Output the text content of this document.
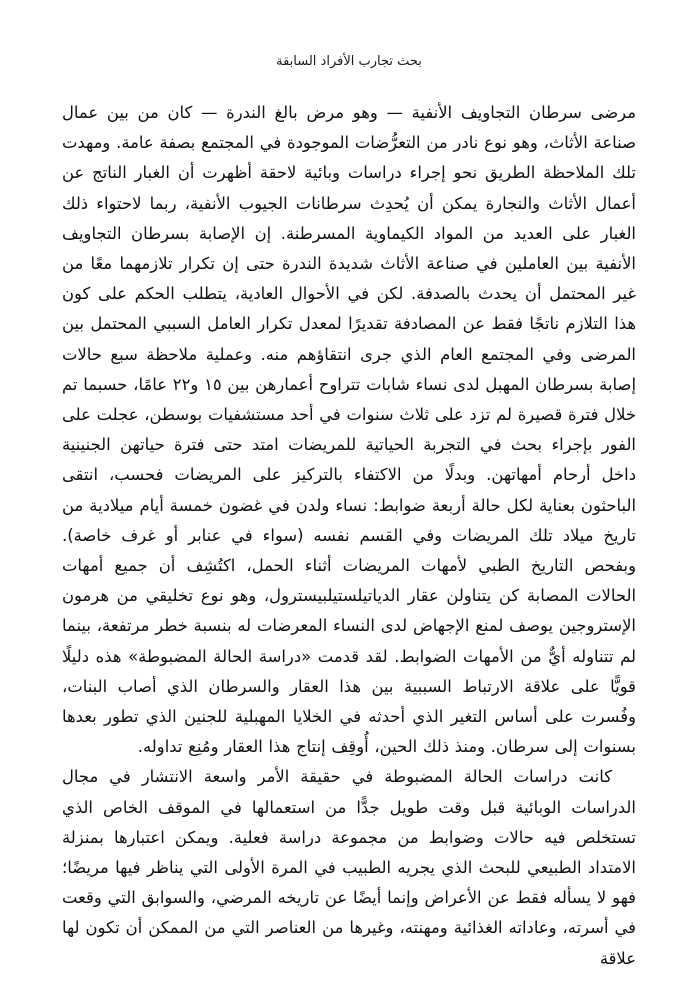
بحث تجارب الأفراد السابقة

مرضى سرطان التجاويف الأنفية — وهو مرض بالغ الندرة — كان من بين عمال صناعة الأثاث، وهو نوع نادر من التعرُّضات الموجودة في المجتمع بصفة عامة. ومهدت تلك الملاحظة الطريق نحو إجراء دراسات وبائية لاحقة أظهرت أن الغبار الناتج عن أعمال الأثاث والنجارة يمكن أن يُحدِث سرطانات الجيوب الأنفية، ربما لاحتواء ذلك الغبار على العديد من المواد الكيماوية المسرطنة. إن الإصابة بسرطان التجاويف الأنفية بين العاملين في صناعة الأثاث شديدة الندرة حتى إن تكرار تلازمهما معًا من غير المحتمل أن يحدث بالصدفة. لكن في الأحوال العادية، يتطلب الحكم على كون هذا التلازم ناتجًا فقط عن المصادفة تقديرًا لمعدل تكرار العامل السببي المحتمل بين المرضى وفي المجتمع العام الذي جرى انتقاؤهم منه. وعملية ملاحظة سبع حالات إصابة بسرطان المهبل لدى نساء شابات تتراوح أعمارهن بين ١٥ و٢٢ عامًا، حسبما تم خلال فترة قصيرة لم تزد على ثلاث سنوات في أحد مستشفيات بوسطن، عجلت على الفور بإجراء بحث في التجربة الحياتية للمريضات امتد حتى فترة حياتهن الجنينية داخل أرحام أمهاتهن. وبدلًا من الاكتفاء بالتركيز على المريضات فحسب، انتقى الباحثون بعناية لكل حالة أربعة ضوابط: نساء ولدن في غضون خمسة أيام ميلادية من تاريخ ميلاد تلك المريضات وفي القسم نفسه (سواء في عنابر أو غرف خاصة). وبفحص التاريخ الطبي لأمهات المريضات أثناء الحمل، اكتُشِف أن جميع أمهات الحالات المصابة كن يتناولن عقار الدياتيلستيلبيسترول، وهو نوع تخليقي من هرمون الإستروجين يوصف لمنع الإجهاض لدى النساء المعرضات له بنسبة خطر مرتفعة، بينما لم تتناوله أيٌّ من الأمهات الضوابط. لقد قدمت «دراسة الحالة المضبوطة» هذه دليلًا قويًّا على علاقة الارتباط السببية بين هذا العقار والسرطان الذي أصاب البنات، وفُسرت على أساس التغير الذي أحدثه في الخلايا المهبلية للجنين الذي تطور بعدها بسنوات إلى سرطان. ومنذ ذلك الحين، أُوقِف إنتاج هذا العقار ومُنِع تداوله.

كانت دراسات الحالة المضبوطة في حقيقة الأمر واسعة الانتشار في مجال الدراسات الوبائية قبل وقت طويل جدًّا من استعمالها في الموقف الخاص الذي تستخلص فيه حالات وضوابط من مجموعة دراسة فعلية. ويمكن اعتبارها بمنزلة الامتداد الطبيعي للبحث الذي يجريه الطبيب في المرة الأولى التي يناظر فيها مريضًا؛ فهو لا يسأله فقط عن الأعراض وإنما أيضًا عن تاريخه المرضي، والسوابق التي وقعت في أسرته، وعاداته الغذائية ومهنته، وغيرها من العناصر التي من الممكن أن تكون لها علاقة
